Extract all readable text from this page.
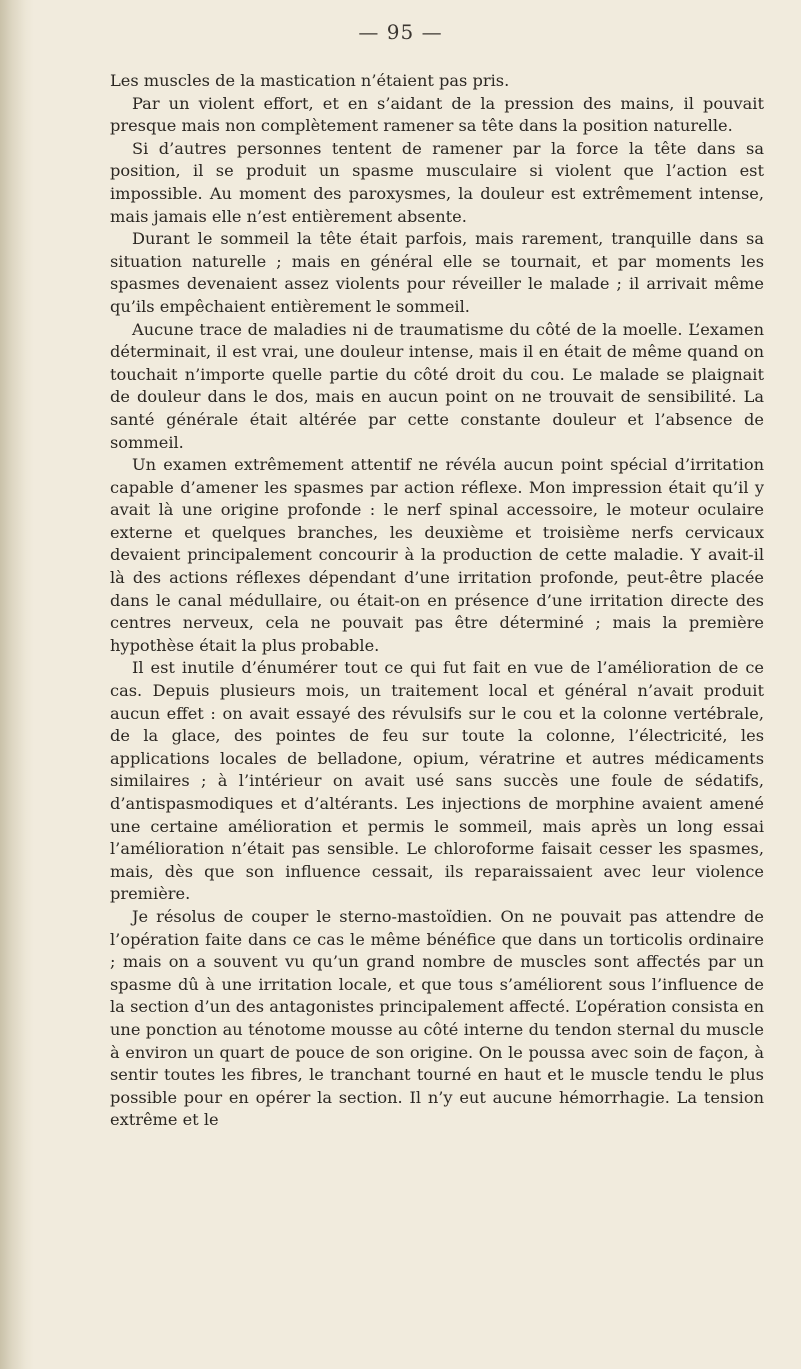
— 95 —

Les muscles de la mastication n’étaient pas pris.

Par un violent effort, et en s’aidant de la pression des mains, il pouvait presque mais non complètement ramener sa tête dans la position naturelle.

Si d’autres personnes tentent de ramener par la force la tête dans sa position, il se produit un spasme musculaire si violent que l’action est impossible. Au moment des paroxysmes, la douleur est extrêmement intense, mais jamais elle n’est entièrement absente.

Durant le sommeil la tête était parfois, mais rarement, tranquille dans sa situation naturelle ; mais en général elle se tournait, et par moments les spasmes devenaient assez violents pour réveiller le malade ; il arrivait même qu’ils empêchaient entièrement le sommeil.

Aucune trace de maladies ni de traumatisme du côté de la moelle. L’examen déterminait, il est vrai, une douleur intense, mais il en était de même quand on touchait n’importe quelle partie du côté droit du cou. Le malade se plaignait de douleur dans le dos, mais en aucun point on ne trouvait de sensibilité. La santé générale était altérée par cette constante douleur et l’absence de sommeil.

Un examen extrêmement attentif ne révéla aucun point spécial d’irritation capable d’amener les spasmes par action réflexe. Mon impression était qu’il y avait là une origine profonde : le nerf spinal accessoire, le moteur oculaire externe et quelques branches, les deuxième et troisième nerfs cervicaux devaient principalement concourir à la production de cette maladie. Y avait-il là des actions réflexes dépendant d’une irritation profonde, peut-être placée dans le canal médullaire, ou était-on en présence d’une irritation directe des centres nerveux, cela ne pouvait pas être déterminé ; mais la première hypothèse était la plus probable.

Il est inutile d’énumérer tout ce qui fut fait en vue de l’amélioration de ce cas. Depuis plusieurs mois, un traitement local et général n’avait produit aucun effet : on avait essayé des révulsifs sur le cou et la colonne vertébrale, de la glace, des pointes de feu sur toute la colonne, l’électricité, les applications locales de belladone, opium, vératrine et autres médicaments similaires ; à l’intérieur on avait usé sans succès une foule de sédatifs, d’antispasmodiques et d’altérants. Les injections de morphine avaient amené une certaine amélioration et permis le sommeil, mais après un long essai l’amélioration n’était pas sensible. Le chloroforme faisait cesser les spasmes, mais, dès que son influence cessait, ils reparaissaient avec leur violence première.

Je résolus de couper le sterno-mastoïdien. On ne pouvait pas attendre de l’opération faite dans ce cas le même bénéfice que dans un torticolis ordinaire ; mais on a souvent vu qu’un grand nombre de muscles sont affectés par un spasme dû à une irritation locale, et que tous s’améliorent sous l’influence de la section d’un des antagonistes principalement affecté. L’opération consista en une ponction au ténotome mousse au côté interne du tendon sternal du muscle à environ un quart de pouce de son origine. On le poussa avec soin de façon, à sentir toutes les fibres, le tranchant tourné en haut et le muscle tendu le plus possible pour en opérer la section. Il n’y eut aucune hémorrhagie. La tension extrême et le
